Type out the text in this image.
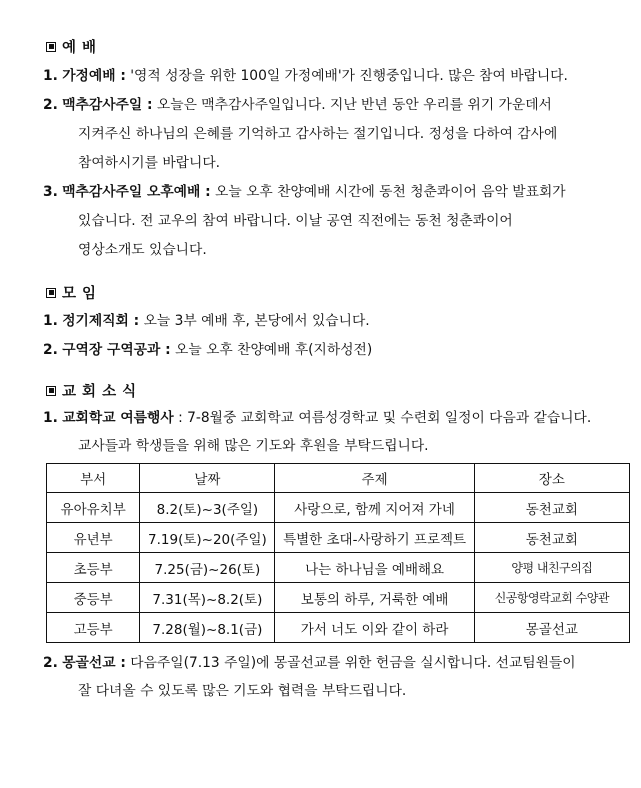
예 배
1. 가정예배 : '영적 성장을 위한 100일 가정예배'가 진행중입니다. 많은 참여 바랍니다.
2. 맥추감사주일 : 오늘은 맥추감사주일입니다. 지난 반년 동안 우리를 위기 가운데서
지켜주신 하나님의 은혜를 기억하고 감사하는 절기입니다. 정성을 다하여 감사에
참여하시기를 바랍니다.
3. 맥추감사주일 오후예배 : 오늘 오후 찬양예배 시간에 동천 청춘콰이어 음악 발표회가
있습니다. 전 교우의 참여 바랍니다. 이날 공연 직전에는 동천 청춘콰이어
영상소개도 있습니다.
모 임
1. 정기제직회 : 오늘 3부 예배 후, 본당에서 있습니다.
2. 구역장 구역공과 : 오늘 오후 찬양예배 후(지하성전)
교 회 소 식
1. 교회학교 여름행사 : 7-8월중 교회학교 여름성경학교 및 수련회 일정이 다음과 같습니다.
교사들과 학생들을 위해 많은 기도와 후원을 부탁드립니다.
부서	날짜	주제	장소
유아유치부	8.2(토)~3(주일)	사랑으로, 함께 지어져 가네	동천교회
유년부	7.19(토)~20(주일)	특별한 초대-사랑하기 프로젝트	동천교회
초등부	7.25(금)~26(토)	나는 하나님을 예배해요	양평 내친구의집
중등부	7.31(목)~8.2(토)	보통의 하루, 거룩한 예배	신공항영락교회 수양관
고등부	7.28(월)~8.1(금)	가서 너도 이와 같이 하라	몽골선교
2. 몽골선교 : 다음주일(7.13 주일)에 몽골선교를 위한 헌금을 실시합니다. 선교팀원들이
잘 다녀올 수 있도록 많은 기도와 협력을 부탁드립니다.
